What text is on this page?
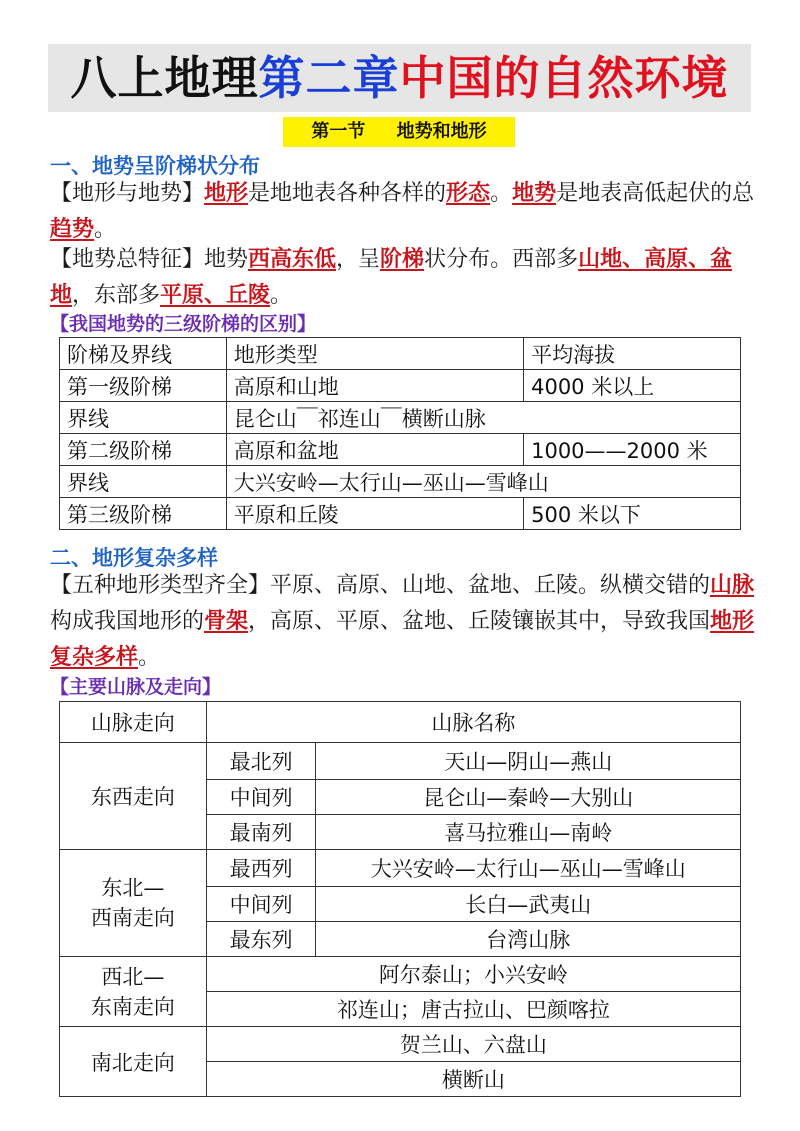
八上地理第二章中国的自然环境
第一节     地势和地形
一、地势呈阶梯状分布
【地形与地势】地形是地地表各种各样的形态。地势是地表高低起伏的总趋势。
【地势总特征】地势西高东低，呈阶梯状分布。西部多山地、高原、盆地，东部多平原、丘陵。
【我国地势的三级阶梯的区别】
阶梯及界线	地形类型	平均海拔
第一级阶梯	高原和山地	4000 米以上
界线	昆仑山￣祁连山￣横断山脉	
第二级阶梯	高原和盆地	1000——2000 米
界线	大兴安岭—太行山—巫山—雪峰山	
第三级阶梯	平原和丘陵	500 米以下
二、地形复杂多样
【五种地形类型齐全】平原、高原、山地、盆地、丘陵。纵横交错的山脉构成我国地形的骨架，高原、平原、盆地、丘陵镶嵌其中，导致我国地形复杂多样。
【主要山脉及走向】
山脉走向	山脉名称	
东西走向	最北列	天山—阴山—燕山
	中间列	昆仑山—秦岭—大别山
	最南列	喜马拉雅山—南岭

东北—
西南走向	最西列	大兴安岭—太行山—巫山—雪峰山
	中间列	长白—武夷山
	最东列	台湾山脉

西北—
东南走向	阿尔泰山；小兴安岭	
	祁连山；唐古拉山、巴颜喀拉	
南北走向	贺兰山、六盘山	
	横断山	
